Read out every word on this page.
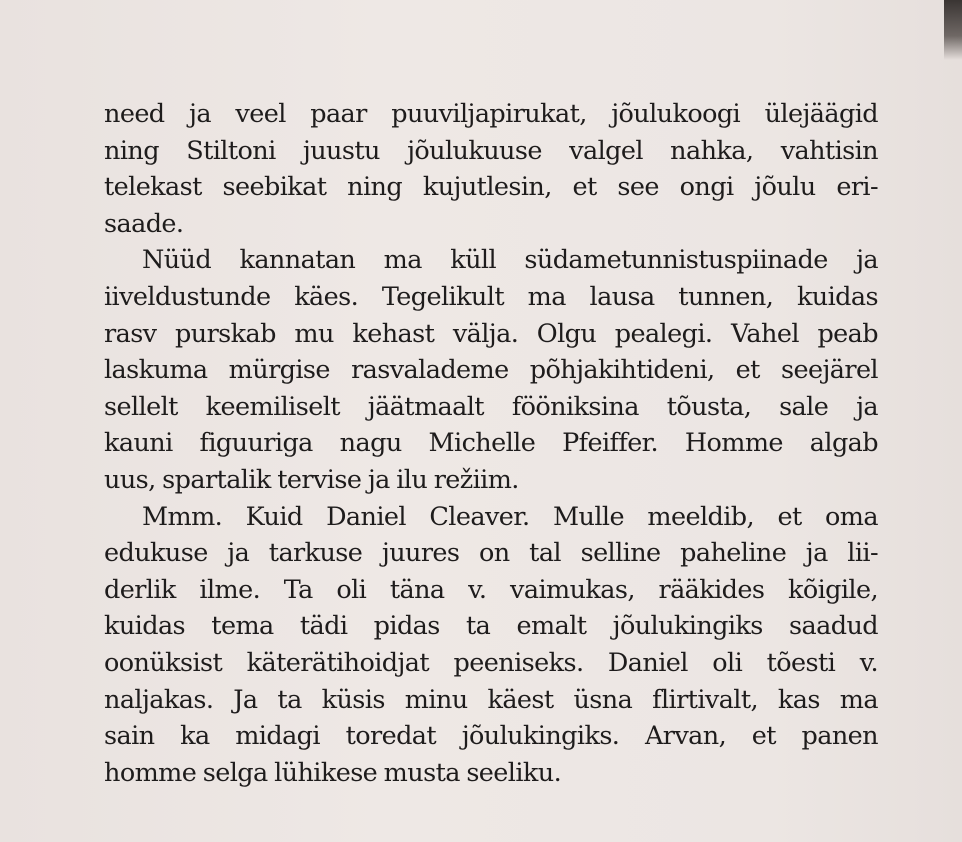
need ja veel paar puuviljapirukat, jõulukoogi ülejäägid
ning Stiltoni juustu jõulukuuse valgel nahka, vahtisin
telekast seebikat ning kujutlesin, et see ongi jõulu eri-
saade.
Nüüd kannatan ma küll südametunnistuspiinade ja
iiveldustunde käes. Tegelikult ma lausa tunnen, kuidas
rasv purskab mu kehast välja. Olgu pealegi. Vahel peab
laskuma mürgise rasvalademe põhjakihtideni, et seejärel
sellelt keemiliselt jäätmaalt fööniksina tõusta, sale ja
kauni figuuriga nagu Michelle Pfeiffer. Homme algab
uus, spartalik tervise ja ilu režiim.
Mmm. Kuid Daniel Cleaver. Mulle meeldib, et oma
edukuse ja tarkuse juures on tal selline paheline ja lii-
derlik ilme. Ta oli täna v. vaimukas, rääkides kõigile,
kuidas tema tädi pidas ta emalt jõulukingiks saadud
oonüksist käterätihoidjat peeniseks. Daniel oli tõesti v.
naljakas. Ja ta küsis minu käest üsna flirtivalt, kas ma
sain ka midagi toredat jõulukingiks. Arvan, et panen
homme selga lühikese musta seeliku.
